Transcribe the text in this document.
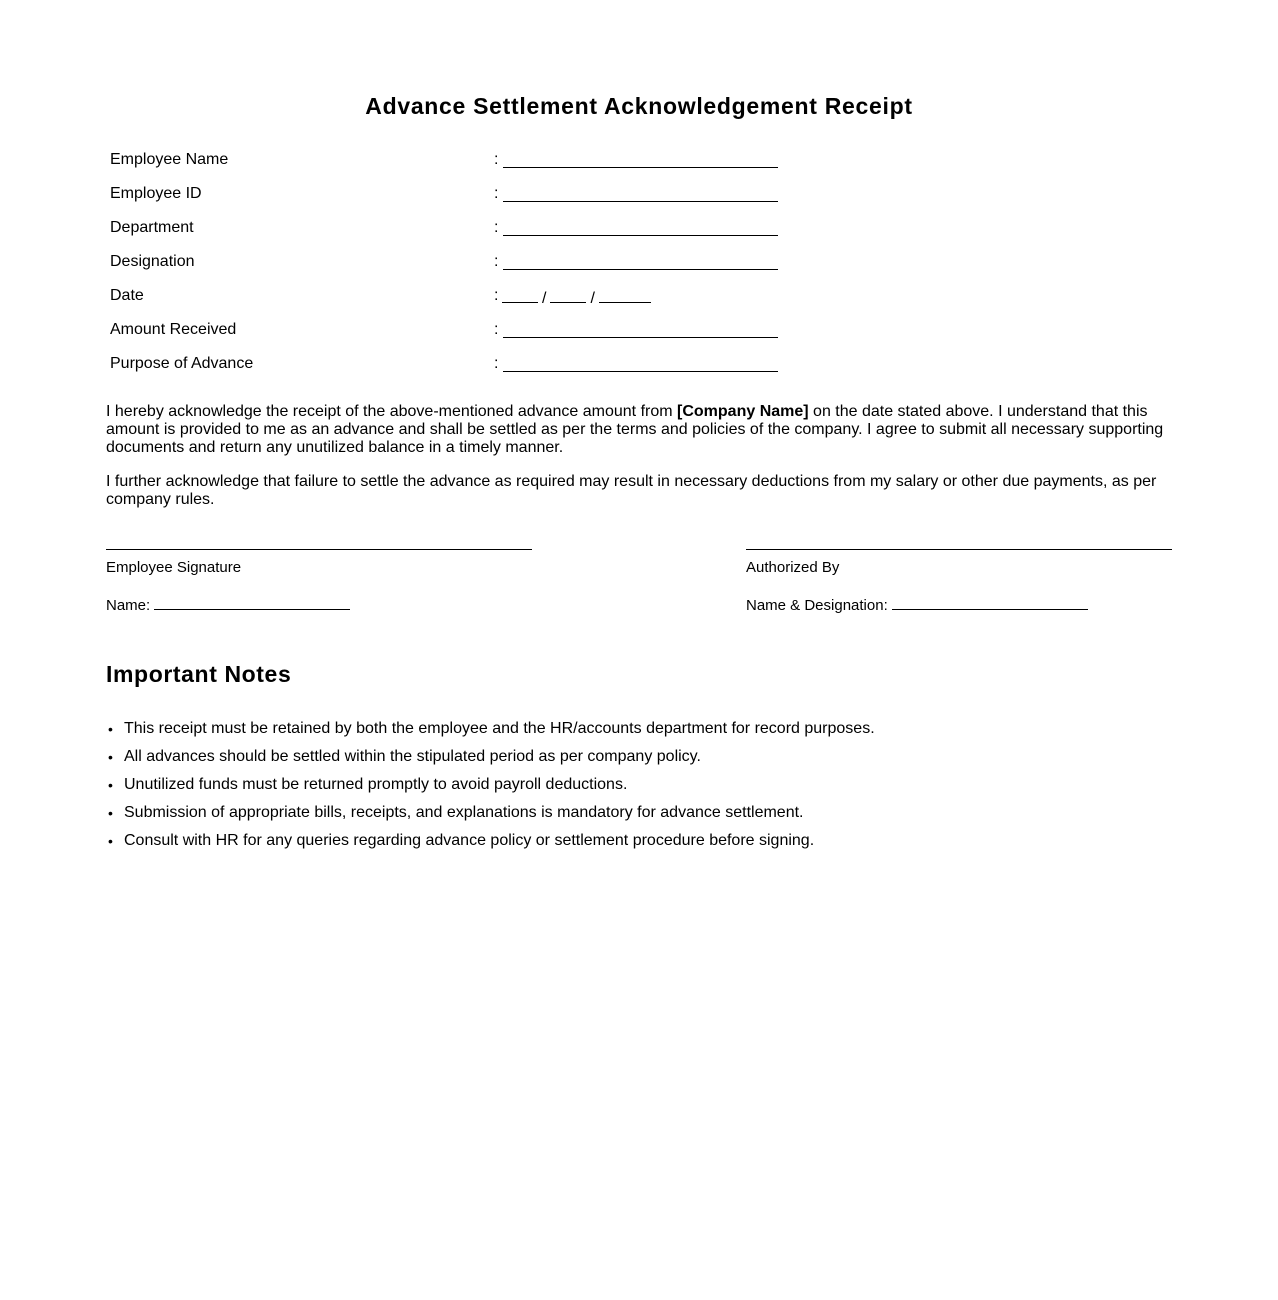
Advance Settlement Acknowledgement Receipt
Employee Name	:
Employee ID	:
Department	:
Designation	:
Date	:	/	/
Amount Received	:
Purpose of Advance	:

I hereby acknowledge the receipt of the above-mentioned advance amount from [Company Name] on the date stated above. I understand that this amount is provided to me as an advance and shall be settled as per the terms and policies of the company. I agree to submit all necessary supporting documents and return any unutilized balance in a timely manner.

I further acknowledge that failure to settle the advance as required may result in necessary deductions from my salary or other due payments, as per company rules.

Employee Signature
Name:
Authorized By
Name & Designation:
Important Notes
• This receipt must be retained by both the employee and the HR/accounts department for record purposes.
• All advances should be settled within the stipulated period as per company policy.
• Unutilized funds must be returned promptly to avoid payroll deductions.
• Submission of appropriate bills, receipts, and explanations is mandatory for advance settlement.
• Consult with HR for any queries regarding advance policy or settlement procedure before signing.
